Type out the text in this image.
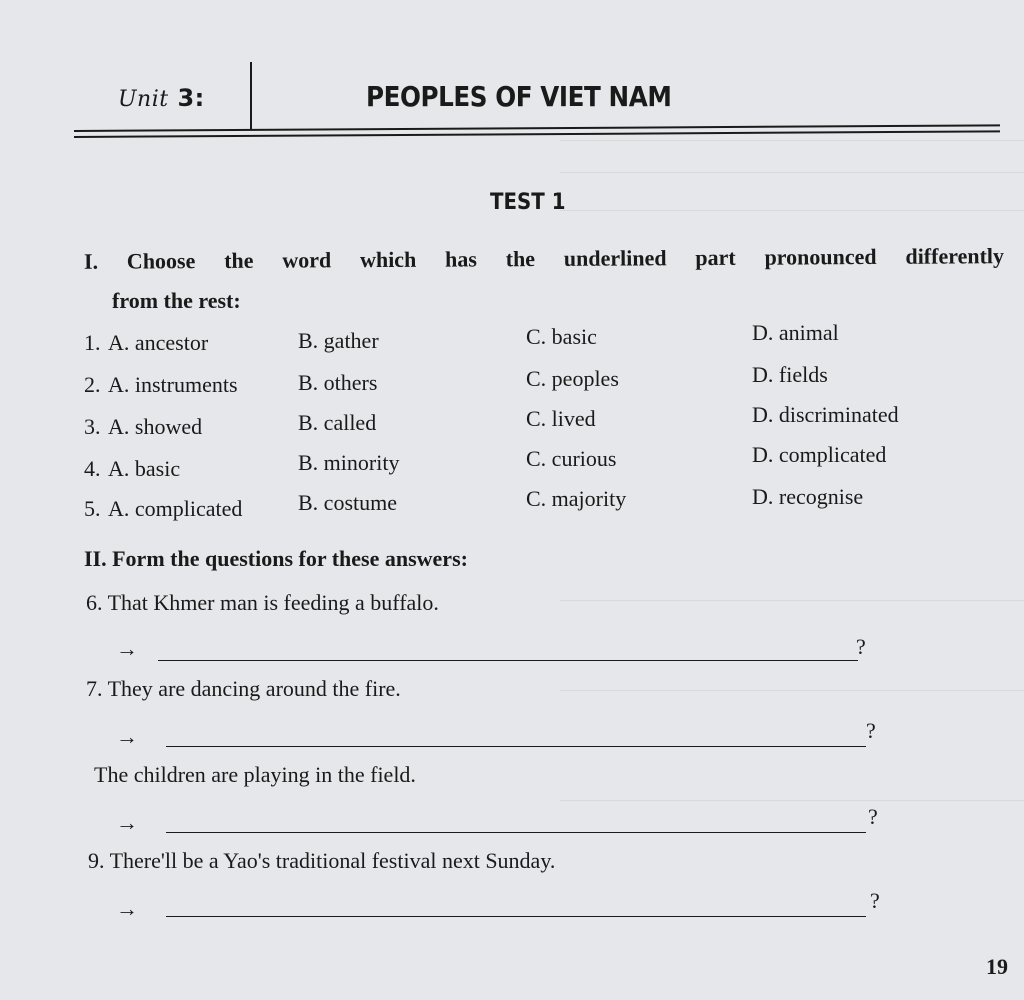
Unit 3:	PEOPLES OF VIET NAM
TEST 1
I. Choose the word which has the underlined part pronounced differently
from the rest:
1. A. ancestor	B. gather	C. basic	D. animal
2. A. instruments	B. others	C. peoples	D. fields
3. A. showed	B. called	C. lived	D. discriminated
4. A. basic	B. minority	C. curious	D. complicated
5. A. complicated	B. costume	C. majority	D. recognise
II. Form the questions for these answers:
6. That Khmer man is feeding a buffalo.
→	?
7. They are dancing around the fire.
→	?
The children are playing in the field.
→	?
9. There'll be a Yao's traditional festival next Sunday.
→	?
19
